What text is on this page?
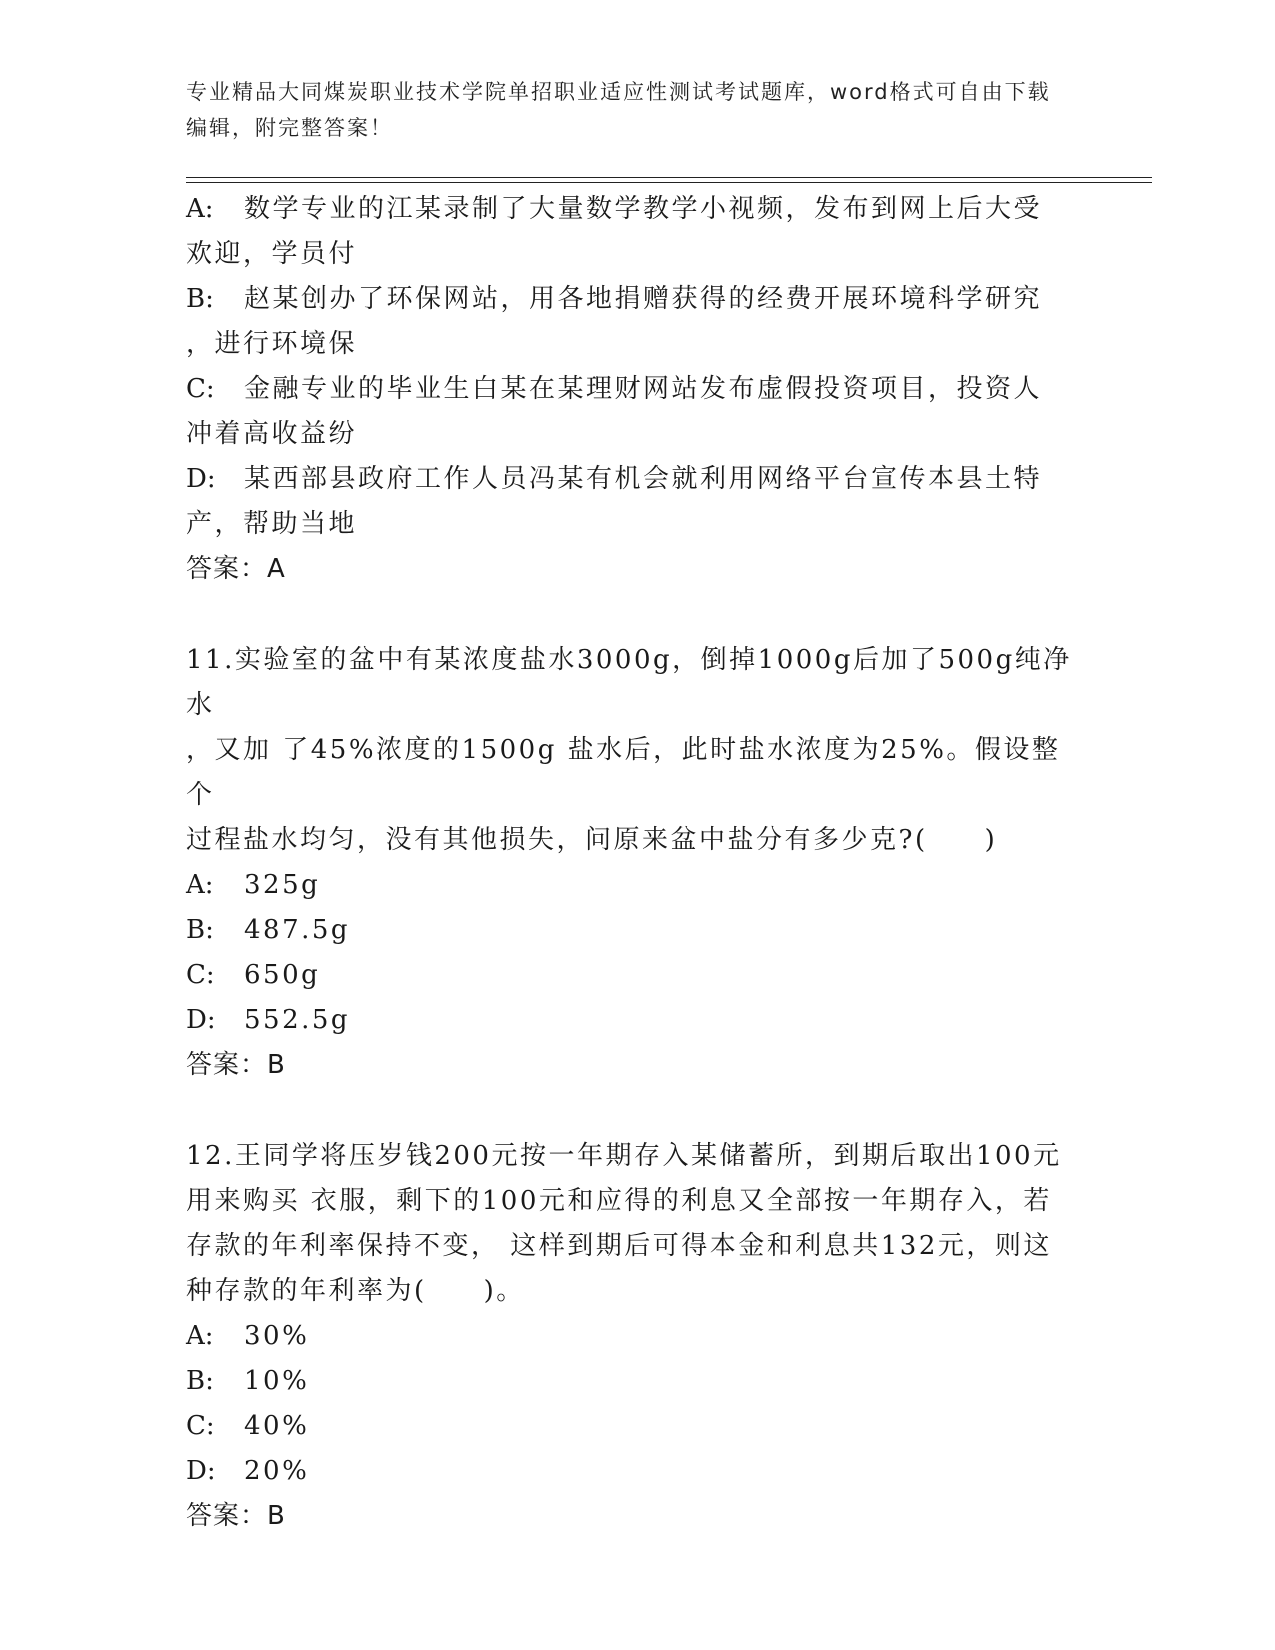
专业精品大同煤炭职业技术学院单招职业适应性测试考试题库，word格式可自由下载编辑，附完整答案！

A: 数学专业的江某录制了大量数学教学小视频，发布到网上后大受

欢迎，学员付

B: 赵某创办了环保网站，用各地捐赠获得的经费开展环境科学研究

，进行环境保

C: 金融专业的毕业生白某在某理财网站发布虚假投资项目，投资人

冲着高收益纷

D: 某西部县政府工作人员冯某有机会就利用网络平台宣传本县土特

产，帮助当地

答案：A

11.实验室的盆中有某浓度盐水3000g，倒掉1000g后加了500g纯净水

，又加 了45%浓度的1500g 盐水后，此时盐水浓度为25%。假设整个

过程盐水均匀，没有其他损失，问原来盆中盐分有多少克?(　　)

A: 325g

B: 487.5g

C: 650g

D: 552.5g

答案：B

12.王同学将压岁钱200元按一年期存入某储蓄所，到期后取出100元

用来购买 衣服，剩下的100元和应得的利息又全部按一年期存入，若

存款的年利率保持不变， 这样到期后可得本金和利息共132元，则这

种存款的年利率为(　　)。

A: 30%

B: 10%

C: 40%

D: 20%

答案：B
